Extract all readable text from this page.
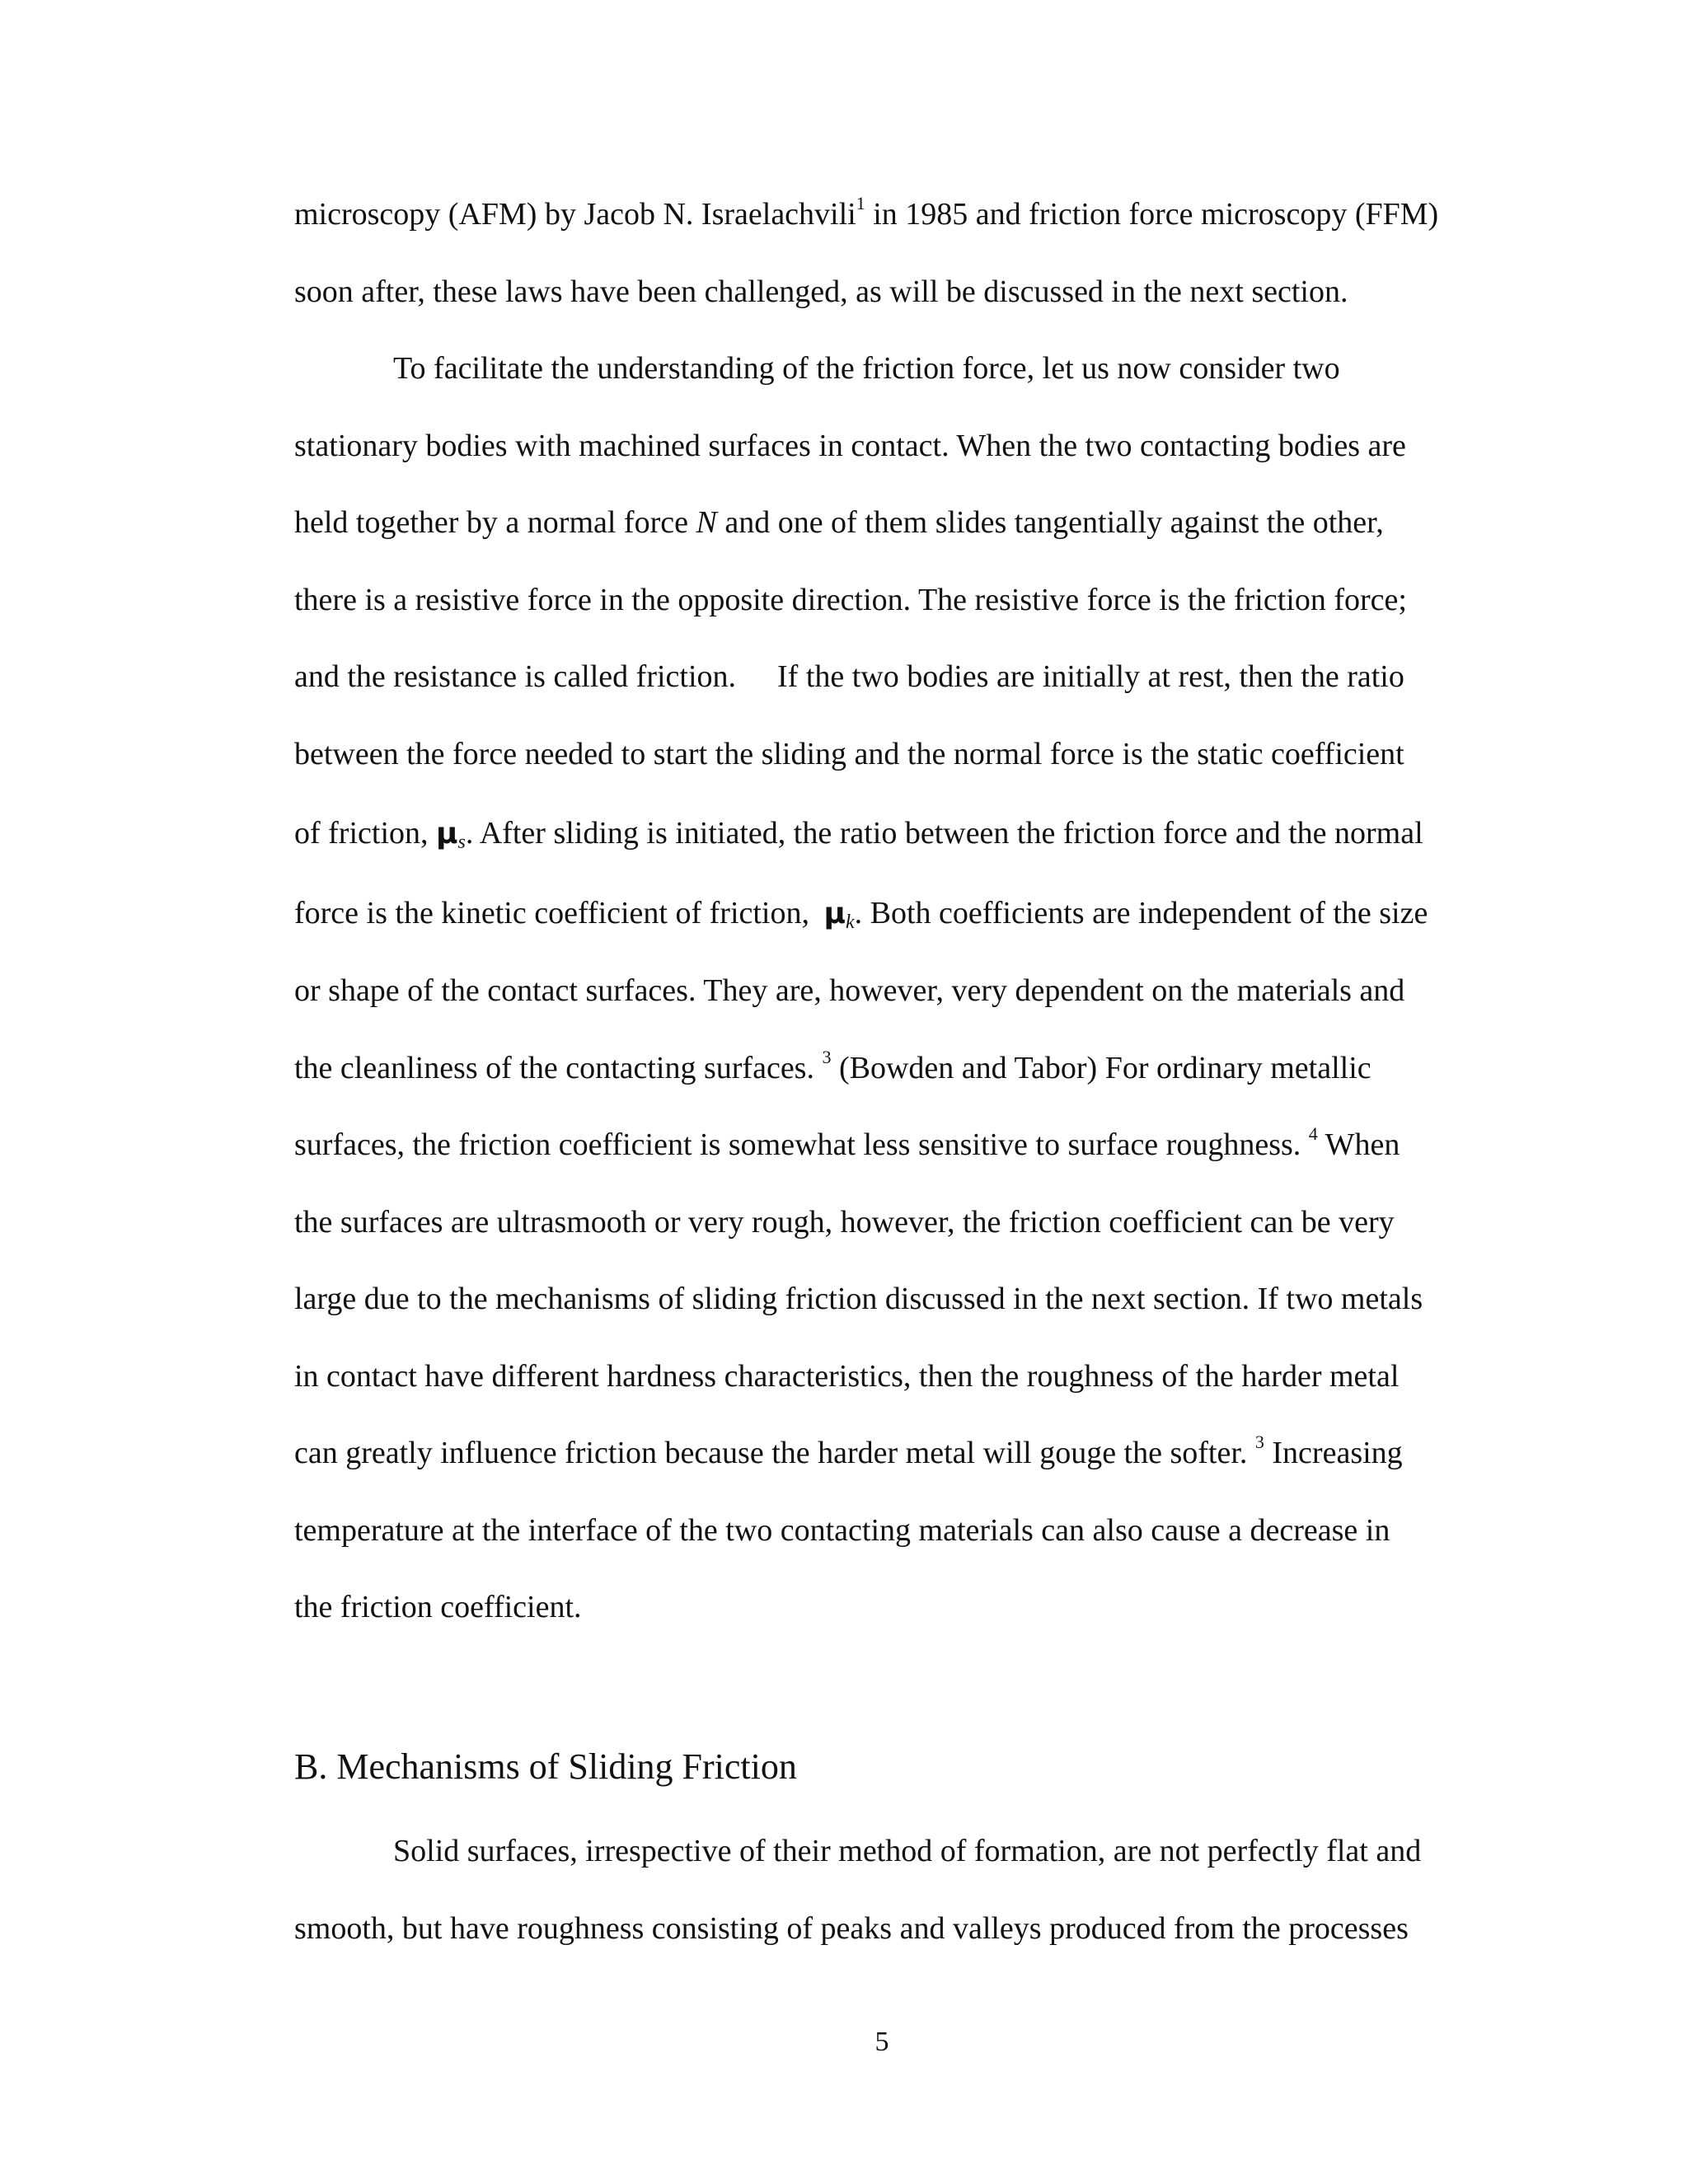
microscopy (AFM) by Jacob N. Israelachvili$^1$ in 1985 and friction force microscopy (FFM)
soon after, these laws have been challenged, as will be discussed in the next section.
To facilitate the understanding of the friction force, let us now consider two
stationary bodies with machined surfaces in contact. When the two contacting bodies are
held together by a normal force N and one of them slides tangentially against the other,
there is a resistive force in the opposite direction. The resistive force is the friction force;
and the resistance is called friction. If the two bodies are initially at rest, then the ratio
between the force needed to start the sliding and the normal force is the static coefficient
of friction, $\mu_s$. After sliding is initiated, the ratio between the friction force and the normal
force is the kinetic coefficient of friction, $\mu_k$. Both coefficients are independent of the size
or shape of the contact surfaces. They are, however, very dependent on the materials and
the cleanliness of the contacting surfaces. $^3$ (Bowden and Tabor) For ordinary metallic
surfaces, the friction coefficient is somewhat less sensitive to surface roughness. $^4$ When
the surfaces are ultrasmooth or very rough, however, the friction coefficient can be very
large due to the mechanisms of sliding friction discussed in the next section. If two metals
in contact have different hardness characteristics, then the roughness of the harder metal
can greatly influence friction because the harder metal will gouge the softer. $^3$ Increasing
temperature at the interface of the two contacting materials can also cause a decrease in
the friction coefficient.
B. Mechanisms of Sliding Friction
Solid surfaces, irrespective of their method of formation, are not perfectly flat and
smooth, but have roughness consisting of peaks and valleys produced from the processes
5
